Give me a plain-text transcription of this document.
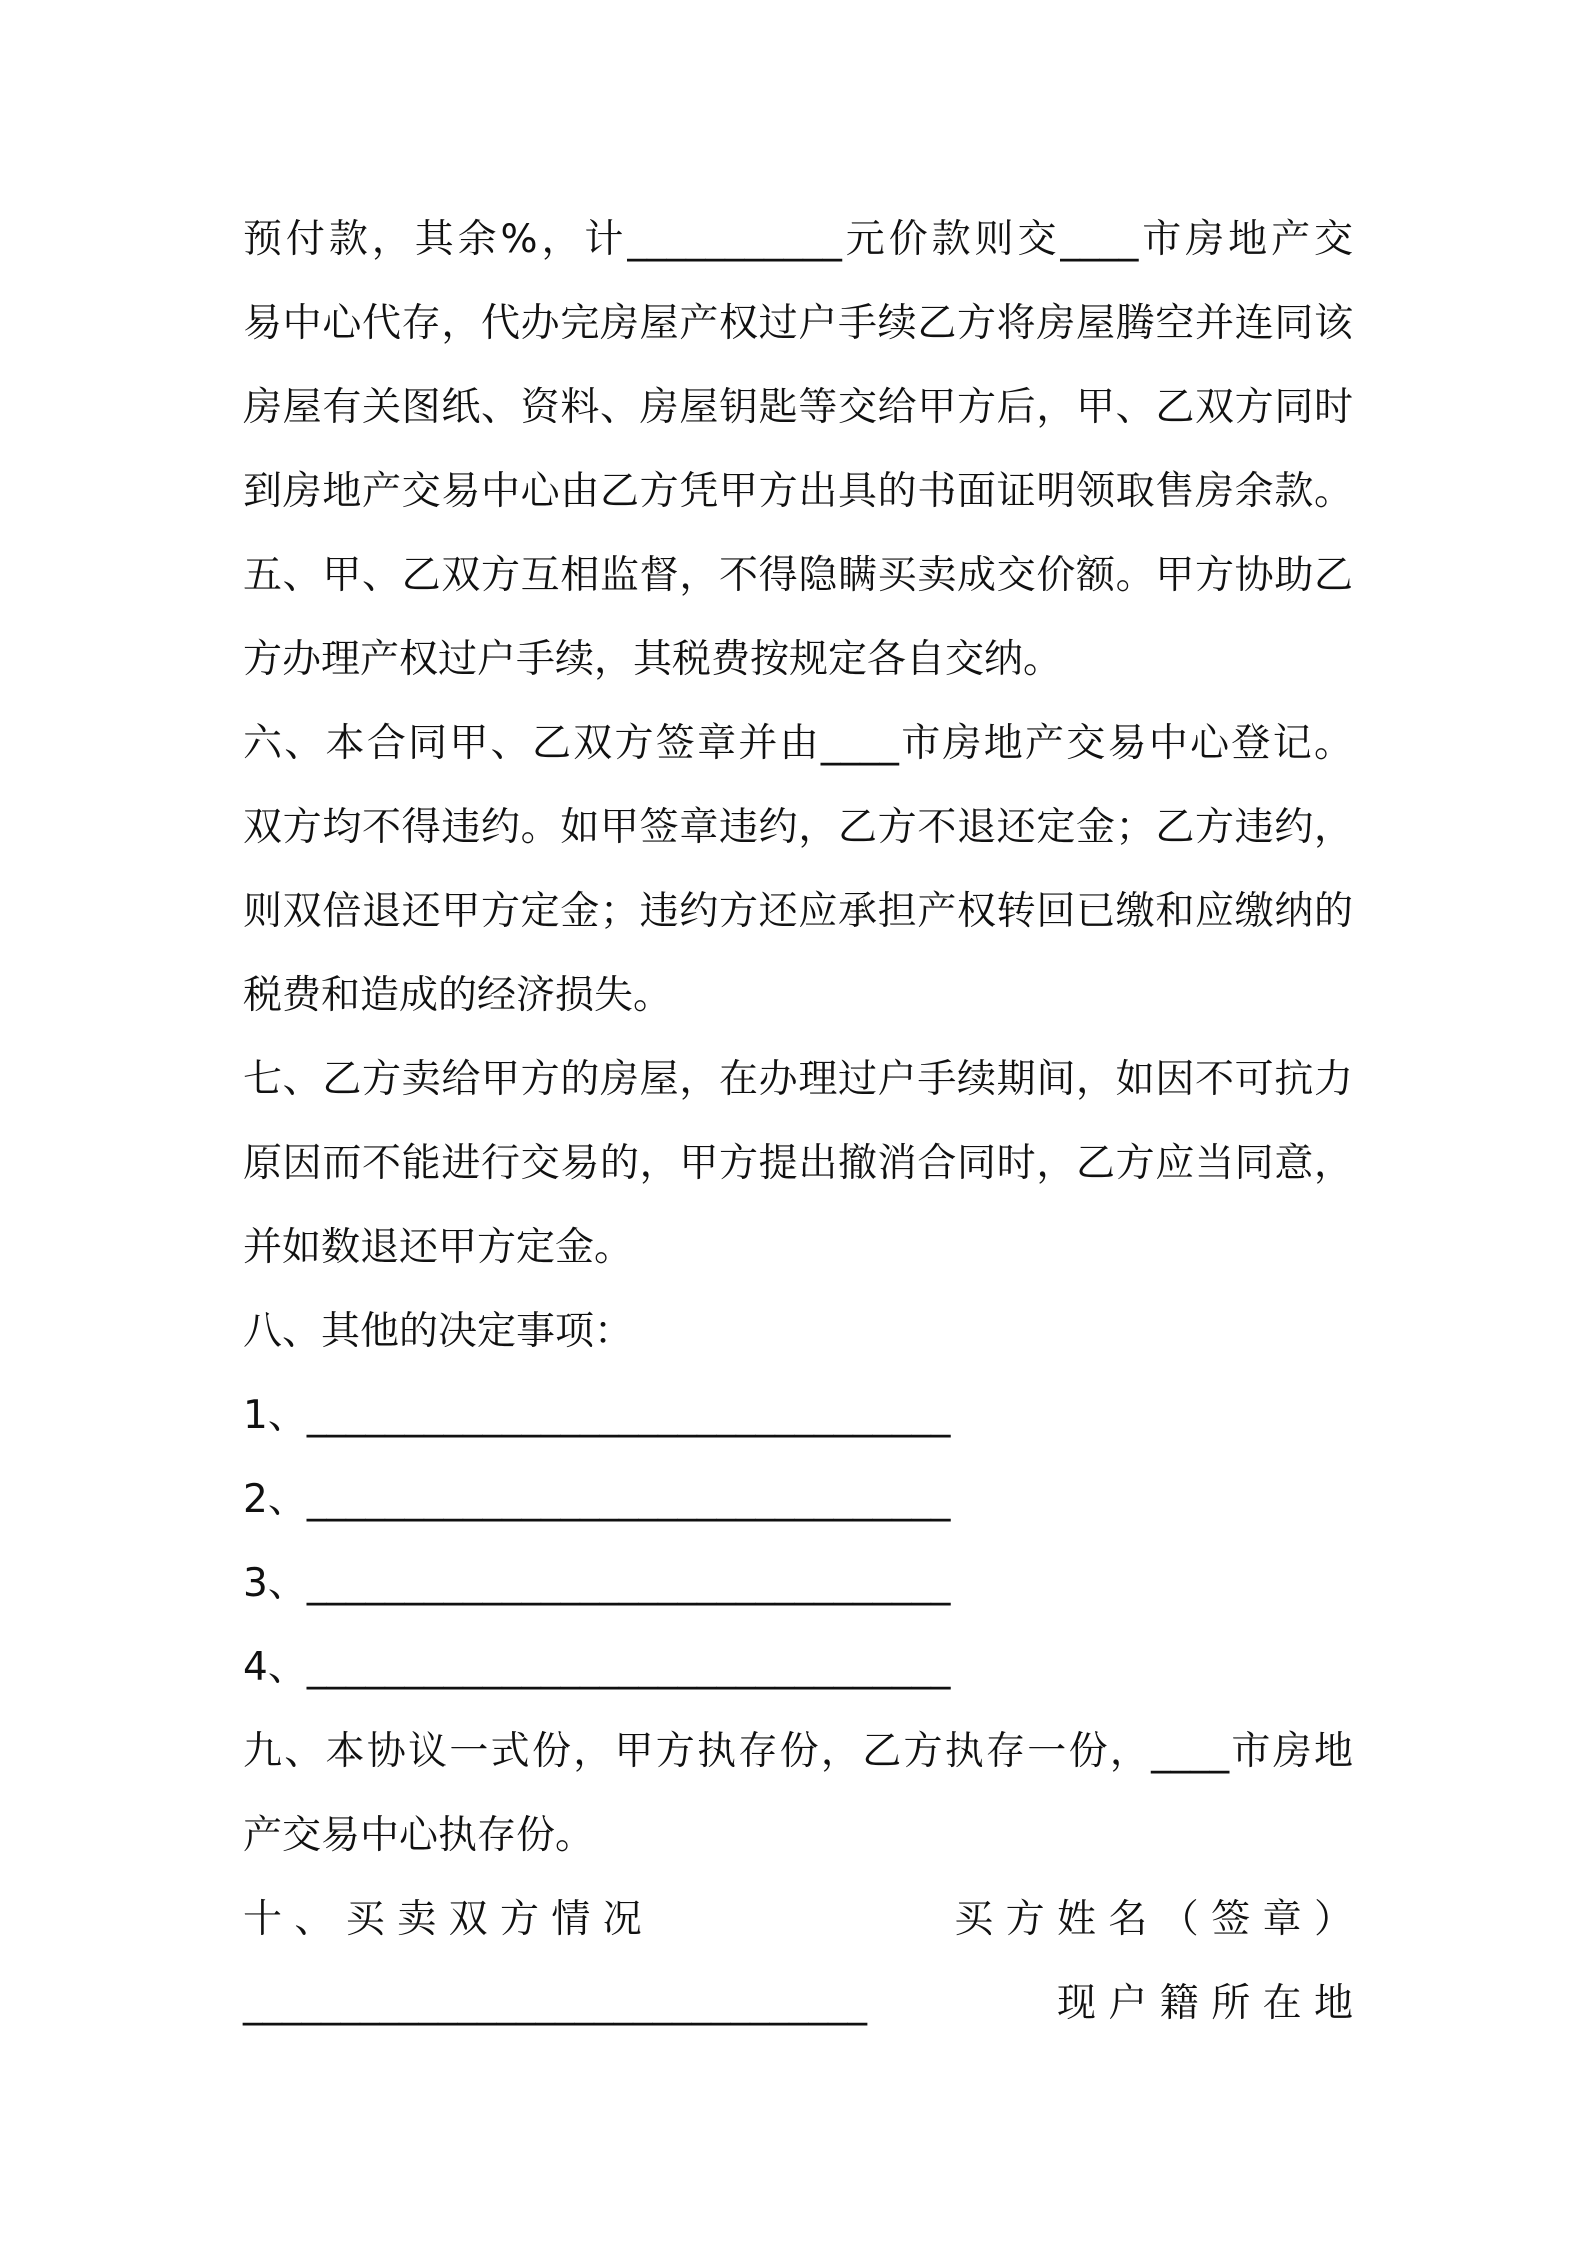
预付款，其余%，计___________元价款则交____市房地产交
易中心代存，代办完房屋产权过户手续乙方将房屋腾空并连同该
房屋有关图纸、资料、房屋钥匙等交给甲方后，甲、乙双方同时
到房地产交易中心由乙方凭甲方出具的书面证明领取售房余款。
五、甲、乙双方互相监督，不得隐瞒买卖成交价额。甲方协助乙
方办理产权过户手续，其税费按规定各自交纳。
六、本合同甲、乙双方签章并由____市房地产交易中心登记。
双方均不得违约。如甲签章违约，乙方不退还定金；乙方违约，
则双倍退还甲方定金；违约方还应承担产权转回已缴和应缴纳的
税费和造成的经济损失。
七、乙方卖给甲方的房屋，在办理过户手续期间，如因不可抗力
原因而不能进行交易的，甲方提出撤消合同时，乙方应当同意，
并如数退还甲方定金。
八、其他的决定事项：
1、_________________________________
2、_________________________________
3、_________________________________
4、_________________________________
九、本协议一式份，甲方执存份，乙方执存一份，____市房地
产交易中心执存份。
十 、 买 卖 双 方 情 况	买 方 姓 名 （ 签 章 ）
________________________________	现 户 籍 所 在 地
